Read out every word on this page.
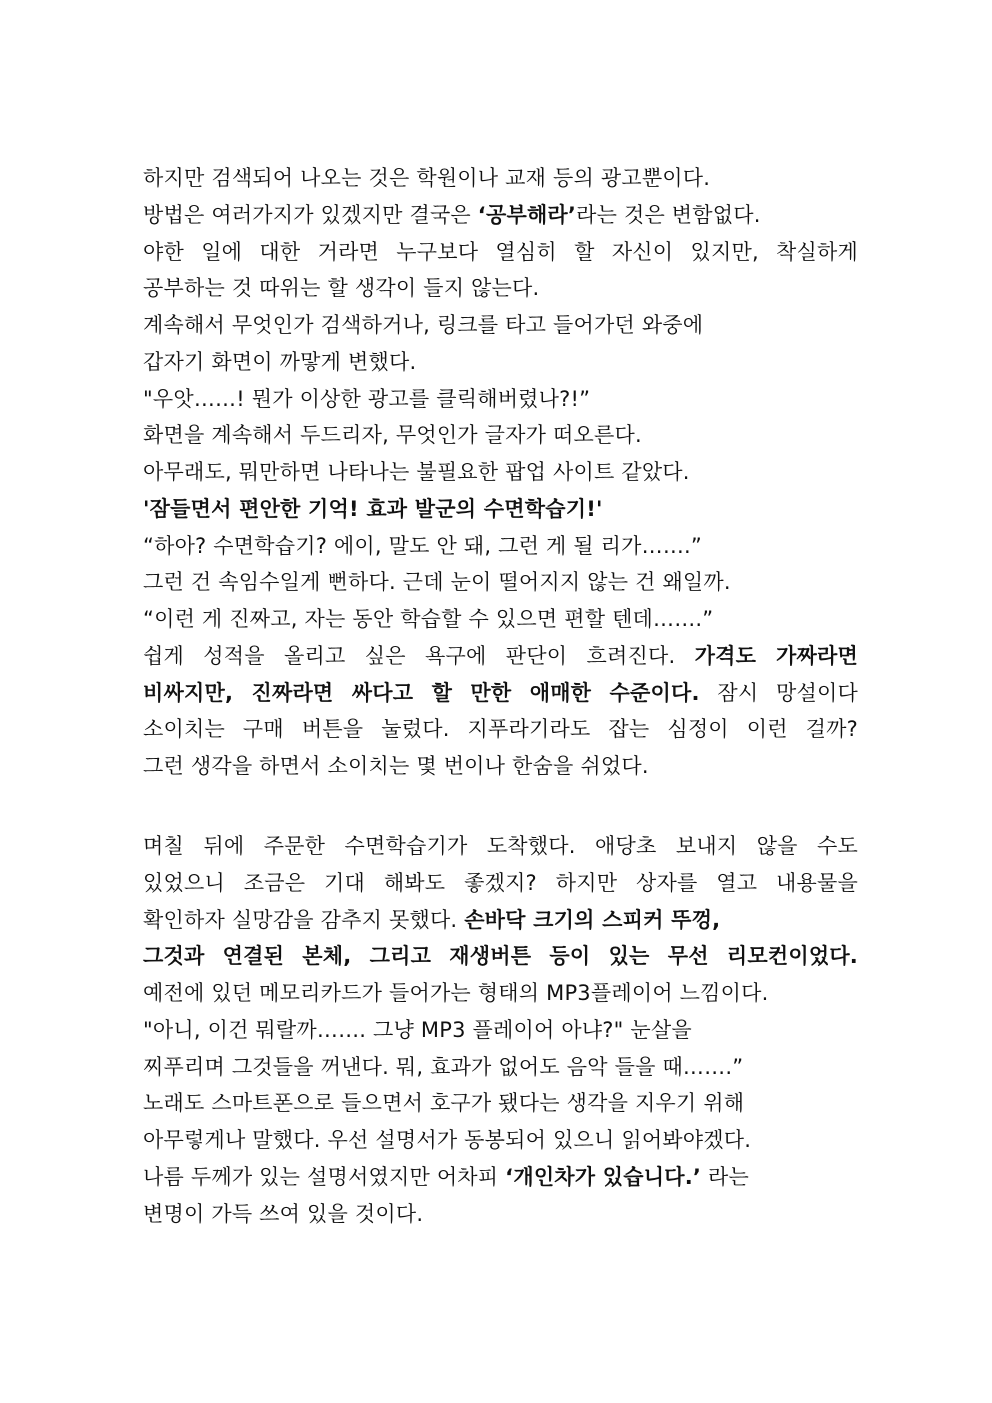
하지만 검색되어 나오는 것은 학원이나 교재 등의 광고뿐이다.
방법은 여러가지가 있겠지만 결국은 ‘공부해라’라는 것은 변함없다.
야한 일에 대한 거라면 누구보다 열심히 할 자신이 있지만, 착실하게
공부하는 것 따위는 할 생각이 들지 않는다.
계속해서 무엇인가 검색하거나, 링크를 타고 들어가던 와중에
갑자기 화면이 까맣게 변했다.
"우앗……! 뭔가 이상한 광고를 클릭해버렸나?!”
화면을 계속해서 두드리자, 무엇인가 글자가 떠오른다.
아무래도, 뭐만하면 나타나는 불필요한 팝업 사이트 같았다.
'잠들면서 편안한 기억! 효과 발군의 수면학습기!'
“하아? 수면학습기? 에이, 말도 안 돼, 그런 게 될 리가…….”
그런 건 속임수일게 뻔하다. 근데 눈이 떨어지지 않는 건 왜일까.
“이런 게 진짜고, 자는 동안 학습할 수 있으면 편할 텐데…….”
쉽게 성적을 올리고 싶은 욕구에 판단이 흐려진다. 가격도 가짜라면
비싸지만, 진짜라면 싸다고 할 만한 애매한 수준이다. 잠시 망설이다
소이치는 구매 버튼을 눌렀다. 지푸라기라도 잡는 심정이 이런 걸까?
그런 생각을 하면서 소이치는 몇 번이나 한숨을 쉬었다.
며칠 뒤에 주문한 수면학습기가 도착했다. 애당초 보내지 않을 수도
있었으니 조금은 기대 해봐도 좋겠지? 하지만 상자를 열고 내용물을
확인하자 실망감을 감추지 못했다. 손바닥 크기의 스피커 뚜껑,
그것과 연결된 본체, 그리고 재생버튼 등이 있는 무선 리모컨이었다.
예전에 있던 메모리카드가 들어가는 형태의 MP3플레이어 느낌이다.
"아니, 이건 뭐랄까……. 그냥 MP3 플레이어 아냐?" 눈살을
찌푸리며 그것들을 꺼낸다. 뭐, 효과가 없어도 음악 들을 때…….”
노래도 스마트폰으로 들으면서 호구가 됐다는 생각을 지우기 위해
아무렇게나 말했다. 우선 설명서가 동봉되어 있으니 읽어봐야겠다.
나름 두께가 있는 설명서였지만 어차피 ‘개인차가 있습니다.’ 라는
변명이 가득 쓰여 있을 것이다.
